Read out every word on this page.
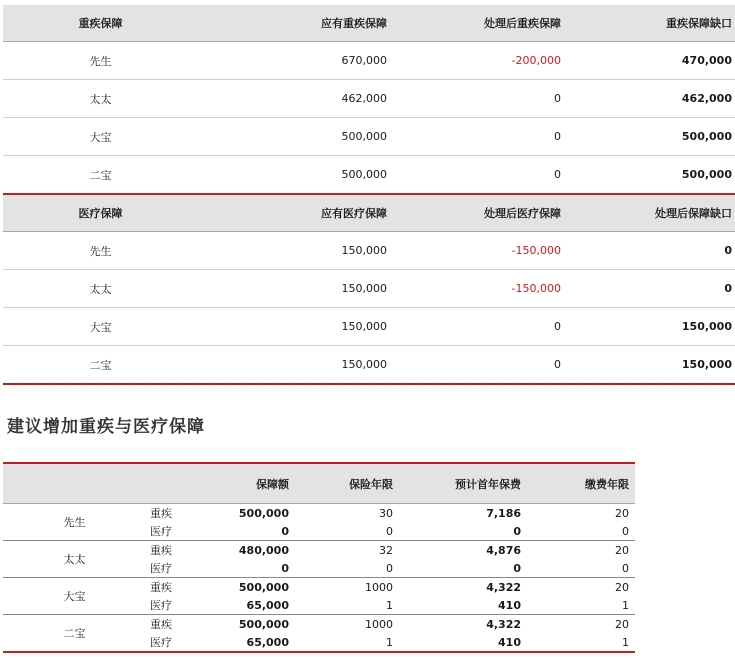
重疾保障	应有重疾保障	处理后重疾保障	重疾保障缺口
先生	670,000	-200,000	470,000
太太	462,000	0	462,000
大宝	500,000	0	500,000
二宝	500,000	0	500,000
医疗保障	应有医疗保障	处理后医疗保障	处理后保障缺口
先生	150,000	-150,000	0
太太	150,000	-150,000	0
大宝	150,000	0	150,000
二宝	150,000	0	150,000
建议增加重疾与医疗保障
		保障额	保险年限	预计首年保费	缴费年限
先生	重疾	500,000	30	7,186	20
	医疗	0	0	0	0
太太	重疾	480,000	32	4,876	20
	医疗	0	0	0	0
大宝	重疾	500,000	1000	4,322	20
	医疗	65,000	1	410	1
二宝	重疾	500,000	1000	4,322	20
	医疗	65,000	1	410	1
